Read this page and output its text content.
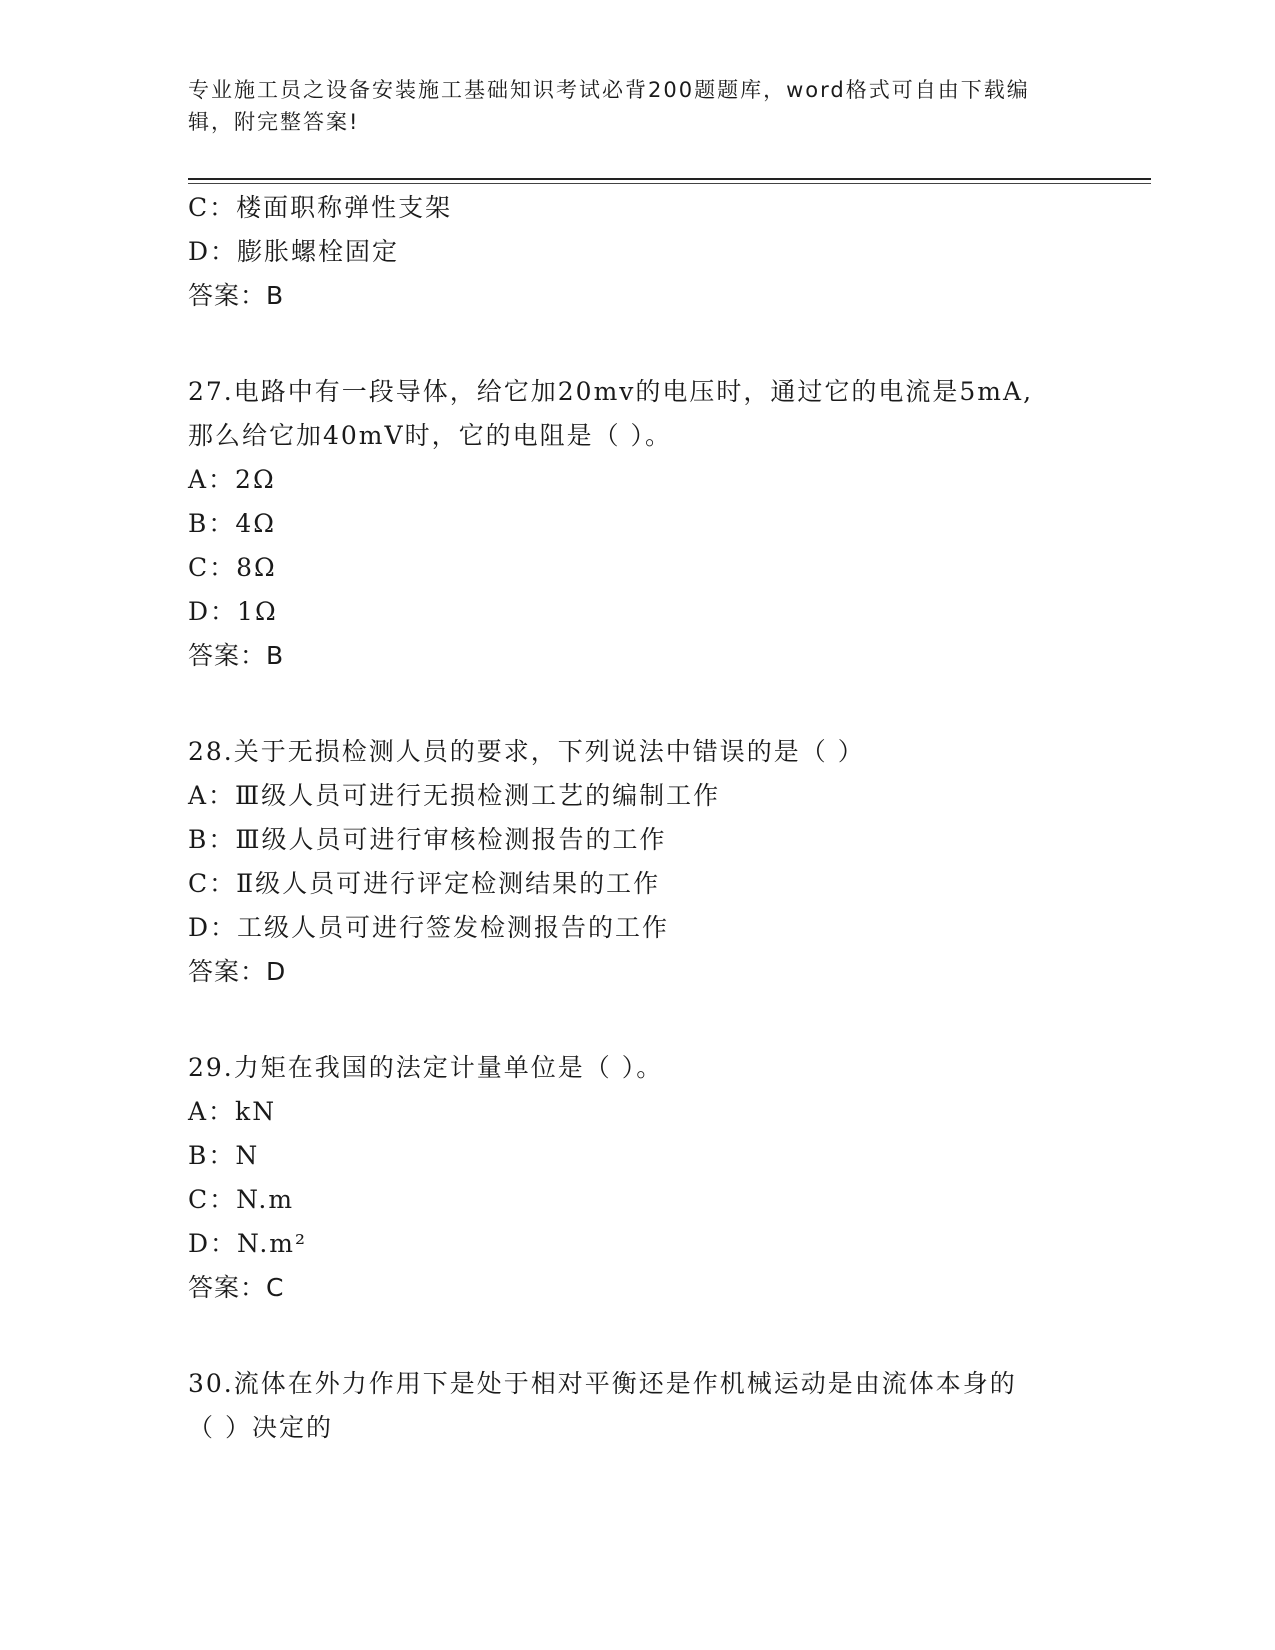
专业施工员之设备安装施工基础知识考试必背200题题库，word格式可自由下载编辑，附完整答案!
C：楼面职称弹性支架
D：膨胀螺栓固定
答案：B
27.电路中有一段导体，给它加20mv的电压时，通过它的电流是5mA,
那么给它加40mV时，它的电阻是（ ）。
A：2Ω
B：4Ω
C：8Ω
D：1Ω
答案：B
28.关于无损检测人员的要求，下列说法中错误的是（ ）
A：Ⅲ级人员可进行无损检测工艺的编制工作
B：Ⅲ级人员可进行审核检测报告的工作
C：Ⅱ级人员可进行评定检测结果的工作
D：工级人员可进行签发检测报告的工作
答案：D
29.力矩在我国的法定计量单位是（ ）。
A：kN
B：N
C：N.m
D：N.m²
答案：C
30.流体在外力作用下是处于相对平衡还是作机械运动是由流体本身的
（ ）决定的
